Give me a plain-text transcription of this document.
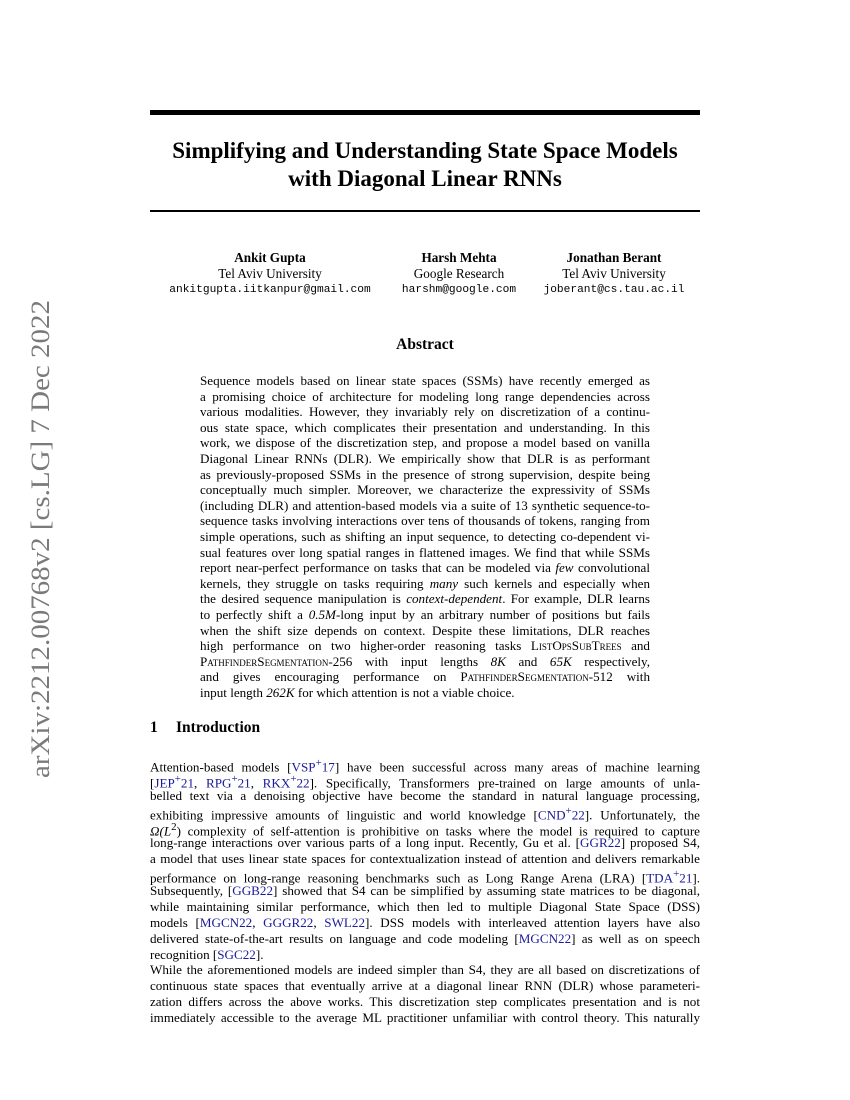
arXiv:2212.00768v2 [cs.LG] 7 Dec 2022
Simplifying and Understanding State Space Models
with Diagonal Linear RNNs
Ankit Gupta
Tel Aviv University
ankitgupta.iitkanpur@gmail.com
Harsh Mehta
Google Research
harshm@google.com
Jonathan Berant
Tel Aviv University
joberant@cs.tau.ac.il
Abstract
Sequence models based on linear state spaces (SSMs) have recently emerged as
a promising choice of architecture for modeling long range dependencies across
various modalities. However, they invariably rely on discretization of a continu-
ous state space, which complicates their presentation and understanding. In this
work, we dispose of the discretization step, and propose a model based on vanilla
Diagonal Linear RNNs (DLR). We empirically show that DLR is as performant
as previously-proposed SSMs in the presence of strong supervision, despite being
conceptually much simpler. Moreover, we characterize the expressivity of SSMs
(including DLR) and attention-based models via a suite of 13 synthetic sequence-to-
sequence tasks involving interactions over tens of thousands of tokens, ranging from
simple operations, such as shifting an input sequence, to detecting co-dependent vi-
sual features over long spatial ranges in flattened images. We find that while SSMs
report near-perfect performance on tasks that can be modeled via few convolutional
kernels, they struggle on tasks requiring many such kernels and especially when
the desired sequence manipulation is context-dependent. For example, DLR learns
to perfectly shift a 0.5M-long input by an arbitrary number of positions but fails
when the shift size depends on context. Despite these limitations, DLR reaches
high performance on two higher-order reasoning tasks ListOpsSubTrees and
PathfinderSegmentation-256 with input lengths 8K and 65K respectively,
and gives encouraging performance on PathfinderSegmentation-512 with
input length 262K for which attention is not a viable choice.
1 Introduction
Attention-based models [VSP+17] have been successful across many areas of machine learning
[JEP+21, RPG+21, RKX+22]. Specifically, Transformers pre-trained on large amounts of unla-
belled text via a denoising objective have become the standard in natural language processing,
exhibiting impressive amounts of linguistic and world knowledge [CND+22]. Unfortunately, the
$\Omega(L^2)$ complexity of self-attention is prohibitive on tasks where the model is required to capture
long-range interactions over various parts of a long input. Recently, Gu et al. [GGR22] proposed S4,
a model that uses linear state spaces for contextualization instead of attention and delivers remarkable
performance on long-range reasoning benchmarks such as Long Range Arena (LRA) [TDA+21].
Subsequently, [GGB22] showed that S4 can be simplified by assuming state matrices to be diagonal,
while maintaining similar performance, which then led to multiple Diagonal State Space (DSS)
models [MGCN22, GGGR22, SWL22]. DSS models with interleaved attention layers have also
delivered state-of-the-art results on language and code modeling [MGCN22] as well as on speech
recognition [SGC22].
While the aforementioned models are indeed simpler than S4, they are all based on discretizations of
continuous state spaces that eventually arrive at a diagonal linear RNN (DLR) whose parameteri-
zation differs across the above works. This discretization step complicates presentation and is not
immediately accessible to the average ML practitioner unfamiliar with control theory. This naturally
